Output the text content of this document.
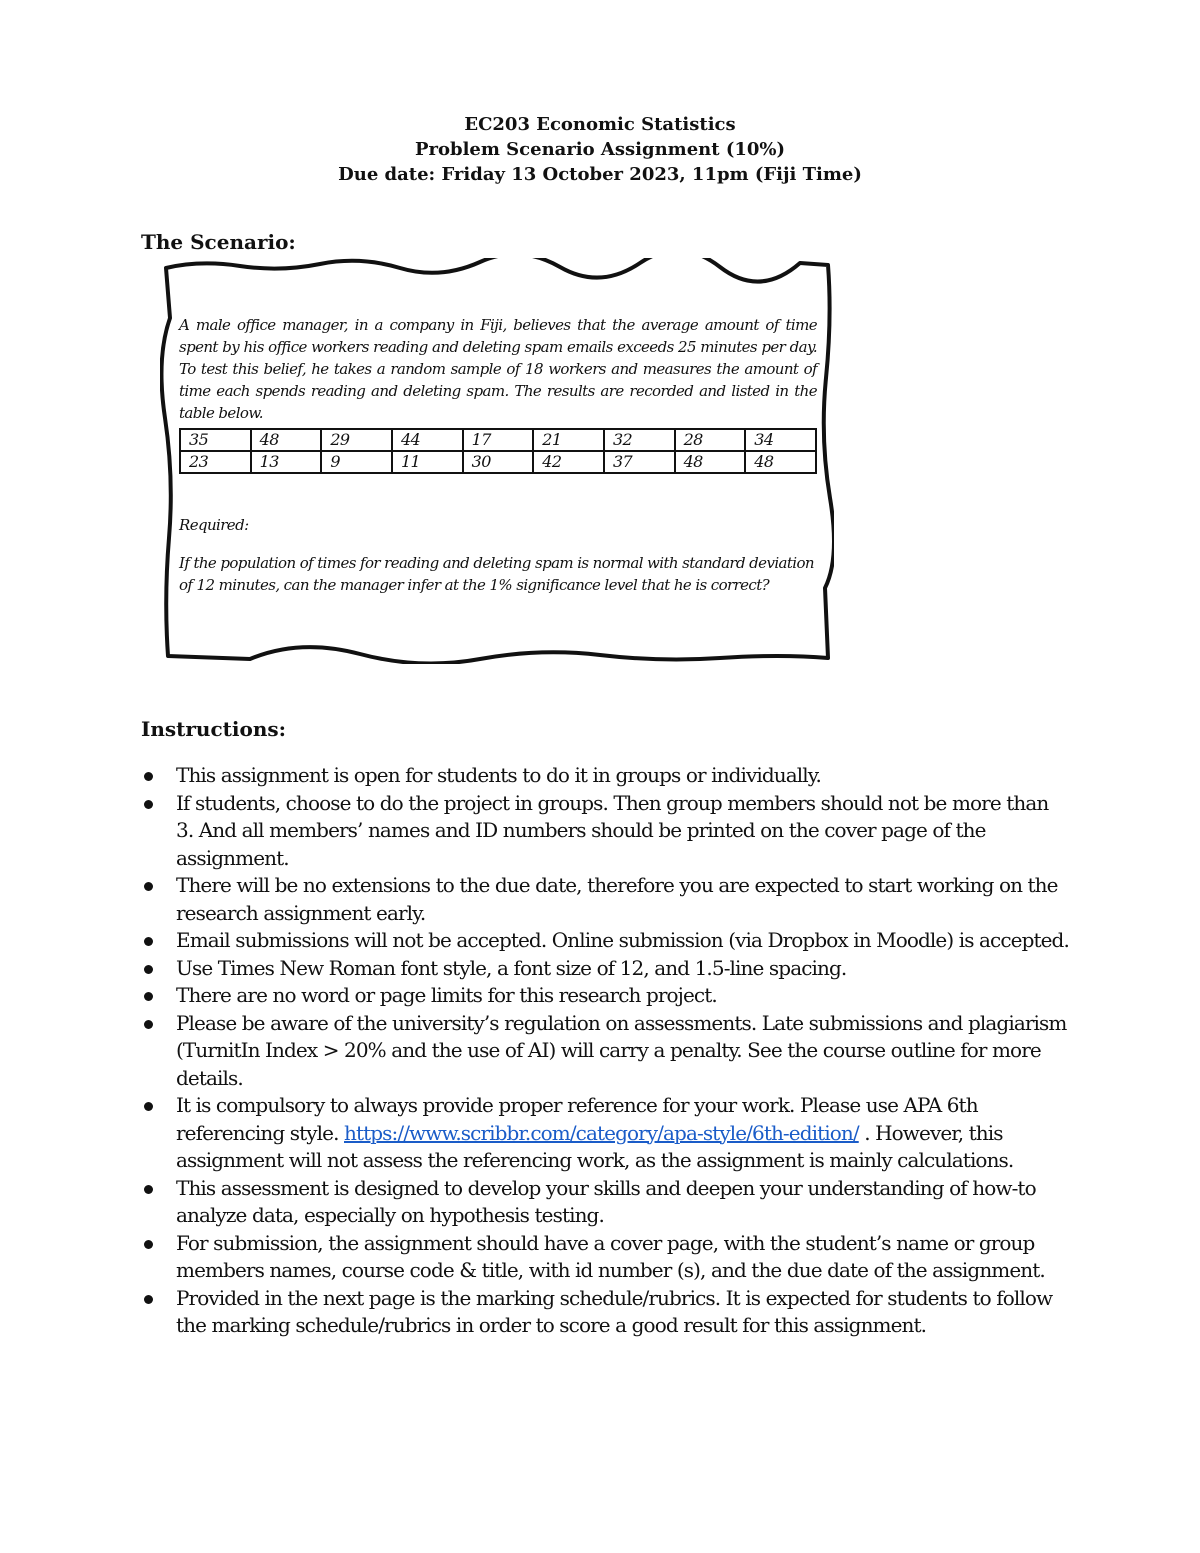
EC203 Economic Statistics
Problem Scenario Assignment (10%)
Due date: Friday 13 October 2023, 11pm (Fiji Time)
The Scenario:

A male office manager, in a company in Fiji, believes that the average amount of time spent by his office workers reading and deleting spam emails exceeds 25 minutes per day. To test this belief, he takes a random sample of 18 workers and measures the amount of time each spends reading and deleting spam. The results are recorded and listed in the table below.

35	48	29	44	17	21	32	28	34
23	13	9	11	30	42	37	48	48

Required:

If the population of times for reading and deleting spam is normal with standard deviation of 12 minutes, can the manager infer at the 1% significance level that he is correct?

Instructions:
This assignment is open for students to do it in groups or individually.
If students, choose to do the project in groups. Then group members should not be more than 3. And all members’ names and ID numbers should be printed on the cover page of the assignment.
There will be no extensions to the due date, therefore you are expected to start working on the research assignment early.
Email submissions will not be accepted. Online submission (via Dropbox in Moodle) is accepted.
Use Times New Roman font style, a font size of 12, and 1.5-line spacing.
There are no word or page limits for this research project.
Please be aware of the university’s regulation on assessments. Late submissions and plagiarism (TurnitIn Index > 20% and the use of AI) will carry a penalty. See the course outline for more details.
It is compulsory to always provide proper reference for your work. Please use APA 6th referencing style. https://www.scribbr.com/category/apa-style/6th-edition/ . However, this assignment will not assess the referencing work, as the assignment is mainly calculations.
This assessment is designed to develop your skills and deepen your understanding of how-to analyze data, especially on hypothesis testing.
For submission, the assignment should have a cover page, with the student’s name or group members names, course code & title, with id number (s), and the due date of the assignment.
Provided in the next page is the marking schedule/rubrics. It is expected for students to follow the marking schedule/rubrics in order to score a good result for this assignment.
